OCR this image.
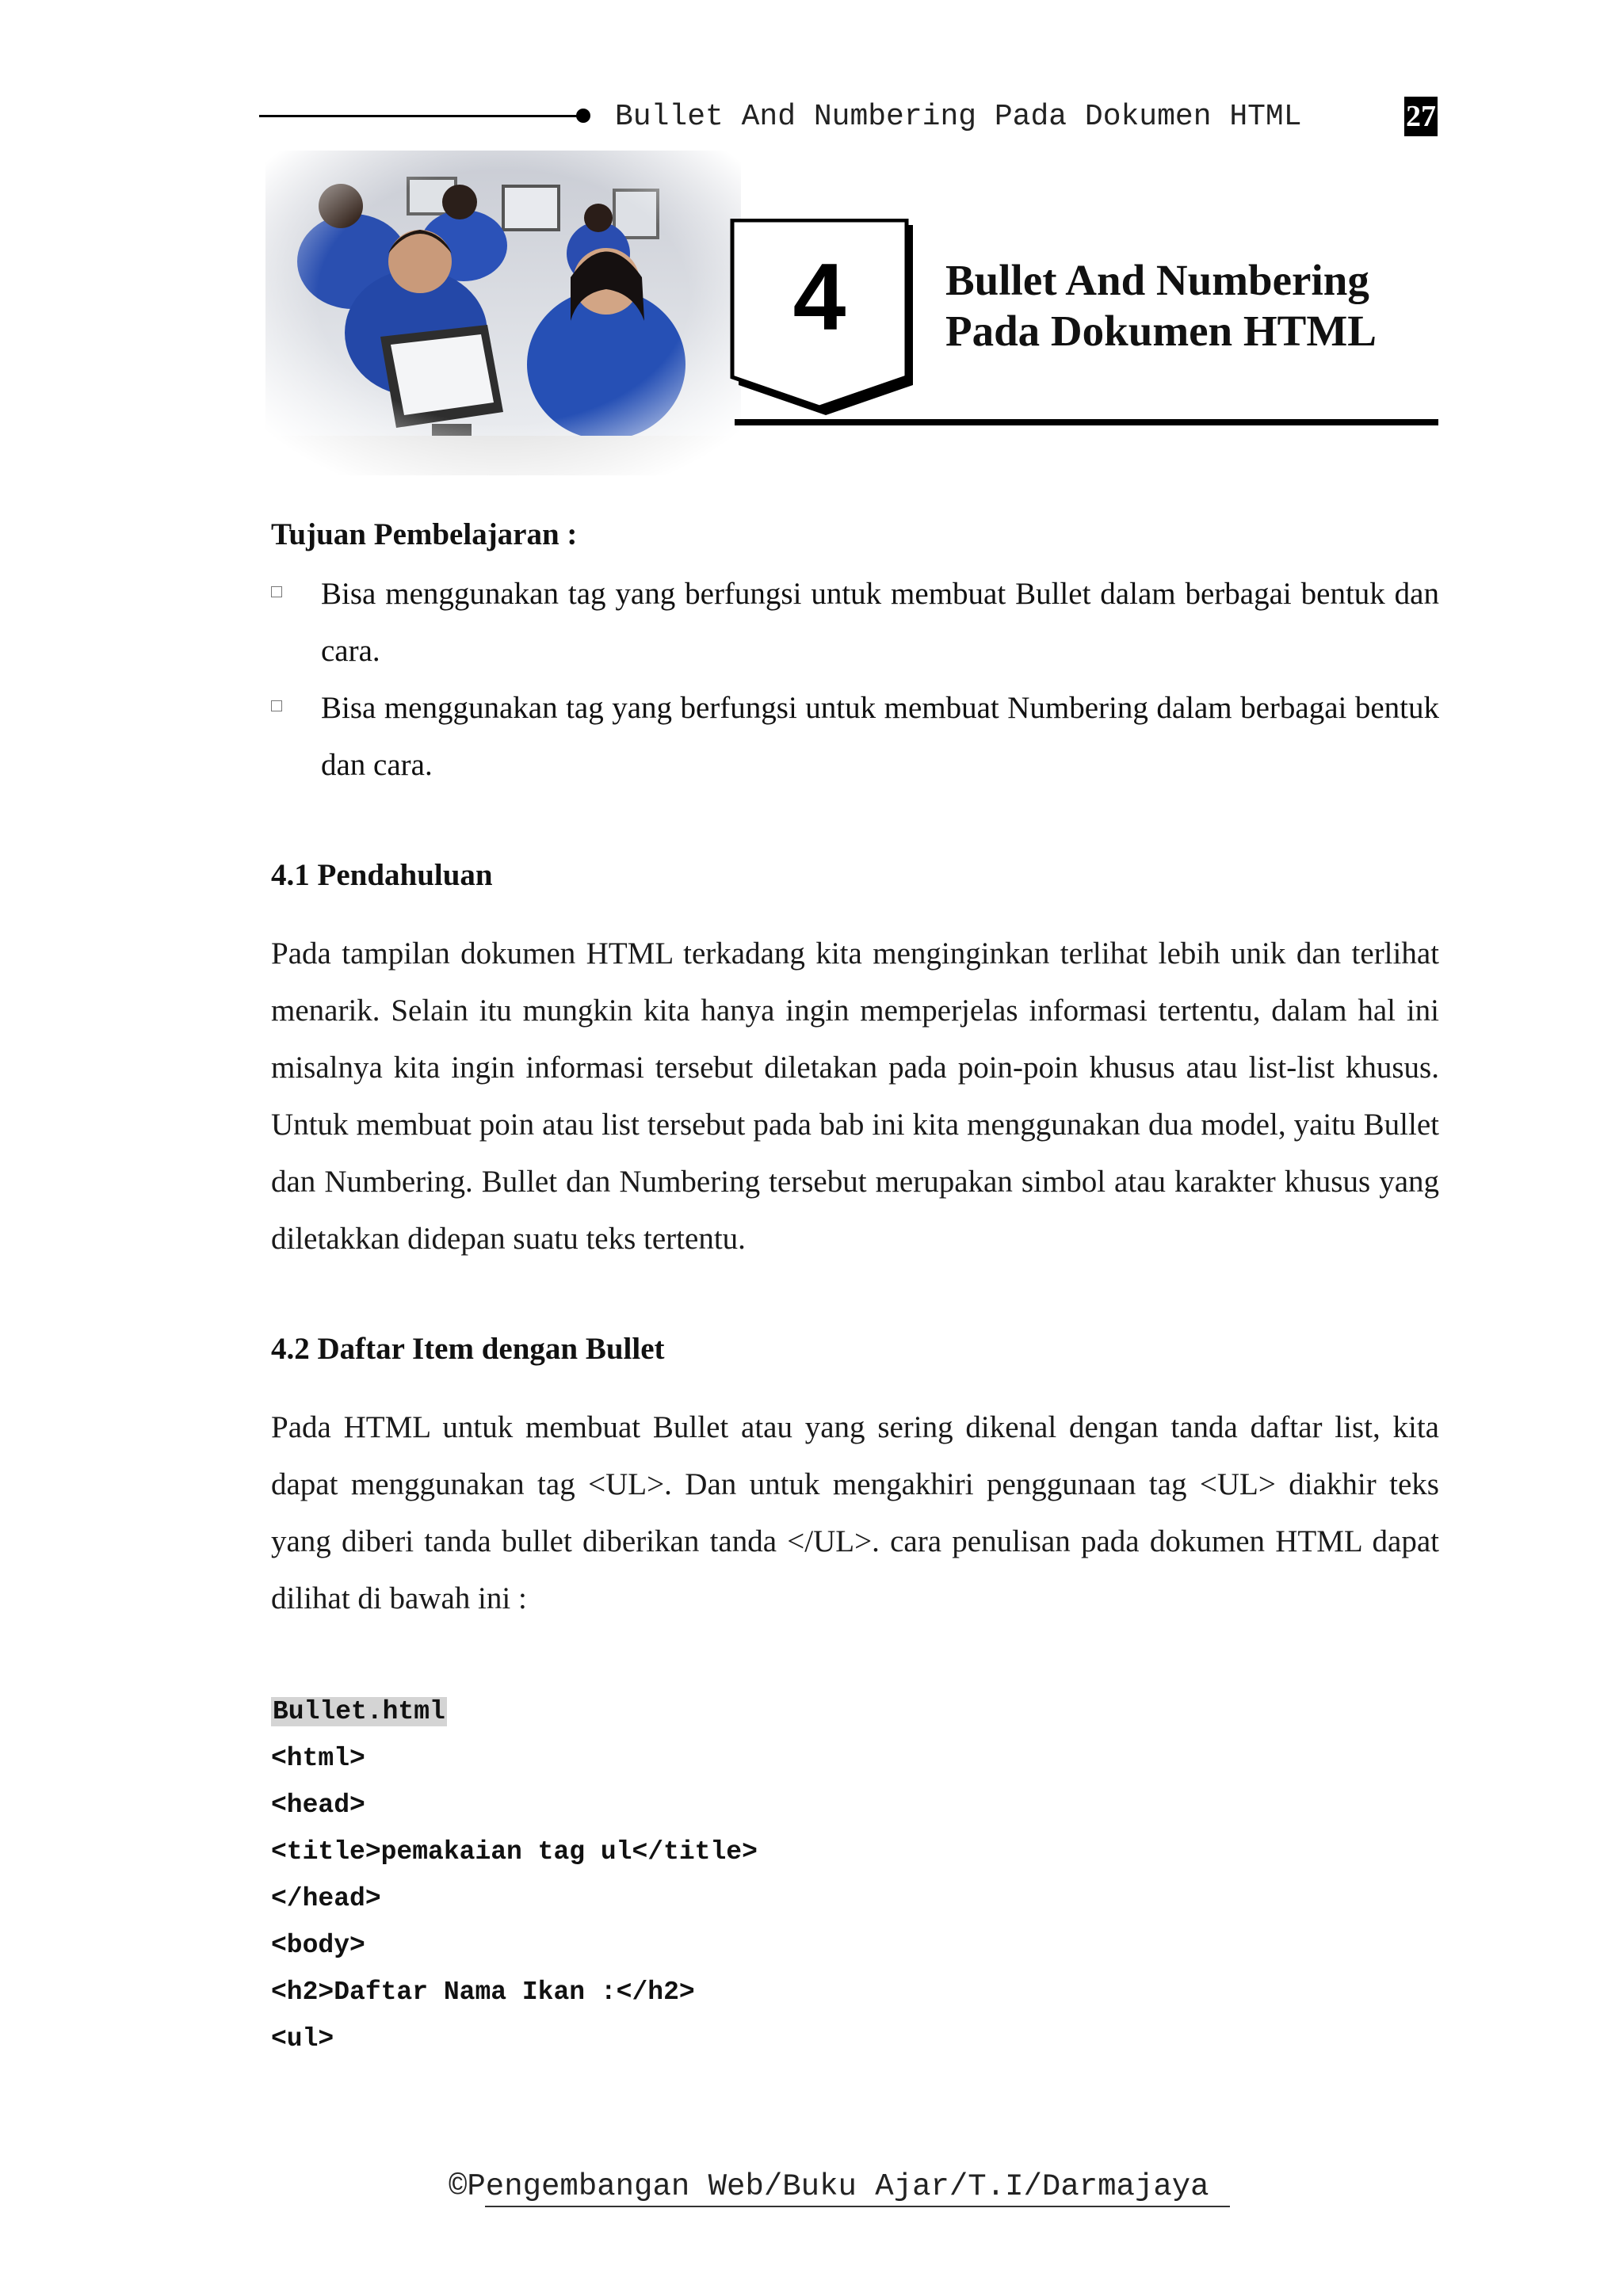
Bullet And Numbering Pada Dokumen HTML	27
4 Bullet And Numbering
Pada Dokumen HTML
Tujuan Pembelajaran :
Bisa menggunakan tag yang berfungsi untuk membuat Bullet dalam berbagai bentuk dan cara.
Bisa menggunakan tag yang berfungsi untuk membuat Numbering dalam berbagai bentuk dan cara.
4.1 Pendahuluan
Pada tampilan dokumen HTML terkadang kita menginginkan terlihat lebih unik dan terlihat menarik. Selain itu mungkin kita hanya ingin memperjelas informasi tertentu, dalam hal ini misalnya kita ingin informasi tersebut diletakan pada poin-poin khusus atau list-list khusus. Untuk membuat poin atau list tersebut pada bab ini kita menggunakan dua model, yaitu Bullet dan Numbering. Bullet dan Numbering tersebut merupakan simbol atau karakter khusus yang diletakkan didepan suatu teks tertentu.
4.2 Daftar Item dengan Bullet
Pada HTML untuk membuat Bullet atau yang sering dikenal dengan tanda daftar list, kita dapat menggunakan tag <UL>. Dan untuk mengakhiri penggunaan tag <UL> diakhir teks yang diberi tanda bullet diberikan tanda </UL>. cara penulisan pada dokumen HTML dapat dilihat di bawah ini :
Bullet.html
<html>
<head>
<title>pemakaian tag ul</title>
</head>
<body>
<h2>Daftar Nama Ikan :</h2>
<ul>
©Pengembangan Web/Buku Ajar/T.I/Darmajaya
